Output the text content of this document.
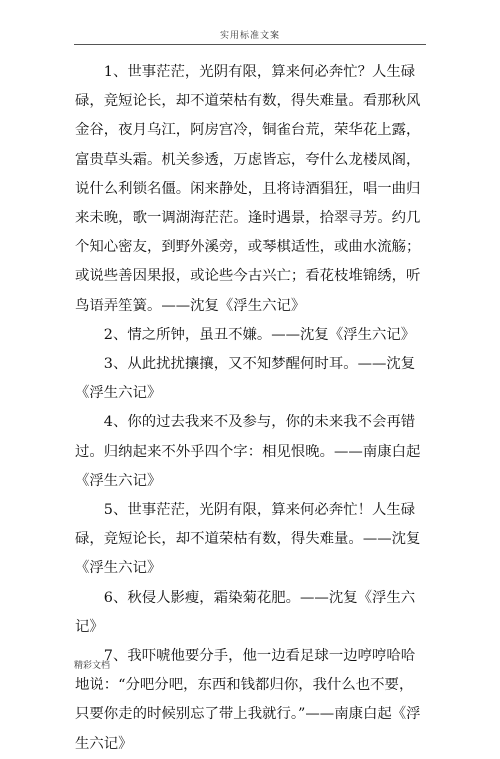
实用标准文案

1、世事茫茫，光阴有限，算来何必奔忙？人生碌碌，竞短论长，却不道荣枯有数，得失难量。看那秋风金谷，夜月乌江，阿房宫冷，铜雀台荒，荣华花上露，富贵草头霜。机关参透，万虑皆忘，夸什么龙楼凤阁，说什么利锁名僵。闲来静处，且将诗酒猖狂，唱一曲归来未晚，歌一调湖海茫茫。逢时遇景，拾翠寻芳。约几个知心密友，到野外溪旁，或琴棋适性，或曲水流觞；或说些善因果报，或论些今古兴亡；看花枝堆锦绣，听鸟语弄笙簧。——沈复《浮生六记》

2、情之所钟，虽丑不嫌。——沈复《浮生六记》

3、从此扰扰攘攘，又不知梦醒何时耳。——沈复《浮生六记》

4、你的过去我来不及参与，你的未来我不会再错过。归纳起来不外乎四个字：相见恨晚。——南康白起《浮生六记》

5、世事茫茫，光阴有限，算来何必奔忙！人生碌碌，竞短论长，却不道荣枯有数，得失难量。——沈复《浮生六记》

6、秋侵人影瘦，霜染菊花肥。——沈复《浮生六记》

7、我吓唬他要分手，他一边看足球一边哼哼哈哈地说：“分吧分吧，东西和钱都归你，我什么也不要，只要你走的时候别忘了带上我就行。”——南康白起《浮生六记》

精彩文档
